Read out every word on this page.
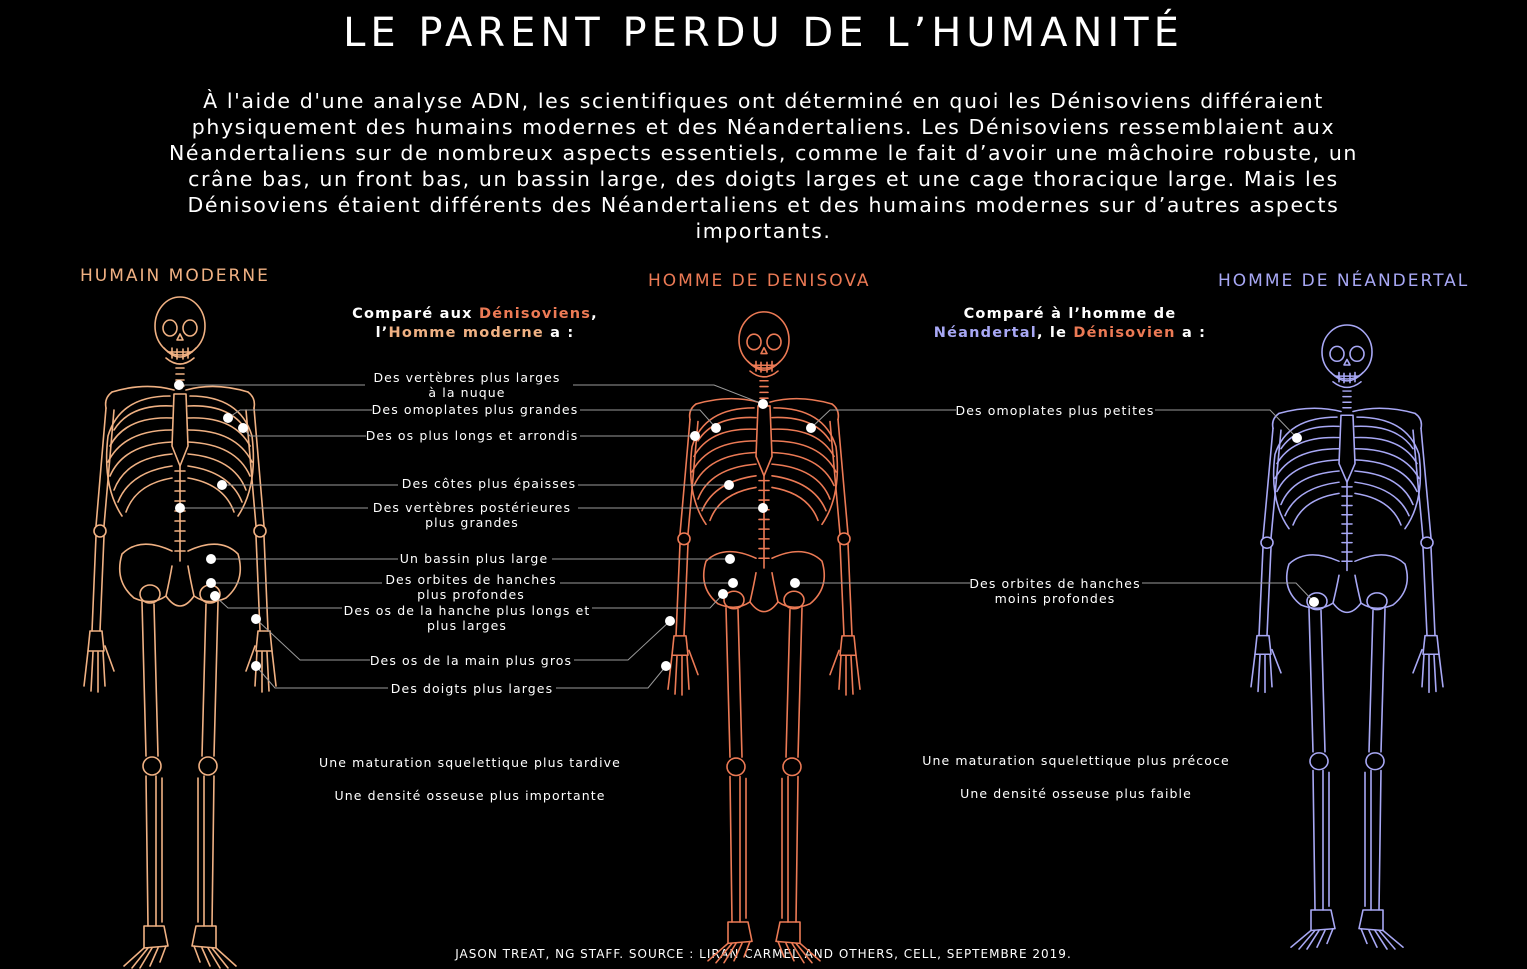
LE PARENT PERDU DE L’HUMANITÉ
À l'aide d'une analyse ADN, les scientifiques ont déterminé en quoi les Dénisoviens différaient physiquement des humains modernes et des Néandertaliens. Les Dénisoviens ressemblaient aux Néandertaliens sur de nombreux aspects essentiels, comme le fait d’avoir une mâchoire robuste, un crâne bas, un front bas, un bassin large, des doigts larges et une cage thoracique large. Mais les Dénisoviens étaient différents des Néandertaliens et des humains modernes sur d’autres aspects importants.
HUMAIN MODERNE	HOMME DE DENISOVA	HOMME DE NÉANDERTAL
Comparé aux Dénisoviens,
l’Homme moderne a :
Comparé à l’homme de
Néandertal, le Dénisovien a :
Des vertèbres plus larges
à la nuque
Des omoplates plus grandes
Des os plus longs et arrondis
Des côtes plus épaisses
Des vertèbres postérieures
plus grandes
Un bassin plus large
Des orbites de hanches
plus profondes
Des os de la hanche plus longs et
plus larges
Des os de la main plus gros
Des doigts plus larges
Des omoplates plus petites
Des orbites de hanches
moins profondes
Une maturation squelettique plus tardive
Une densité osseuse plus importante
Une maturation squelettique plus précoce
Une densité osseuse plus faible
JASON TREAT, NG STAFF. SOURCE : LIRAN CARMEL AND OTHERS, CELL, SEPTEMBRE 2019.
